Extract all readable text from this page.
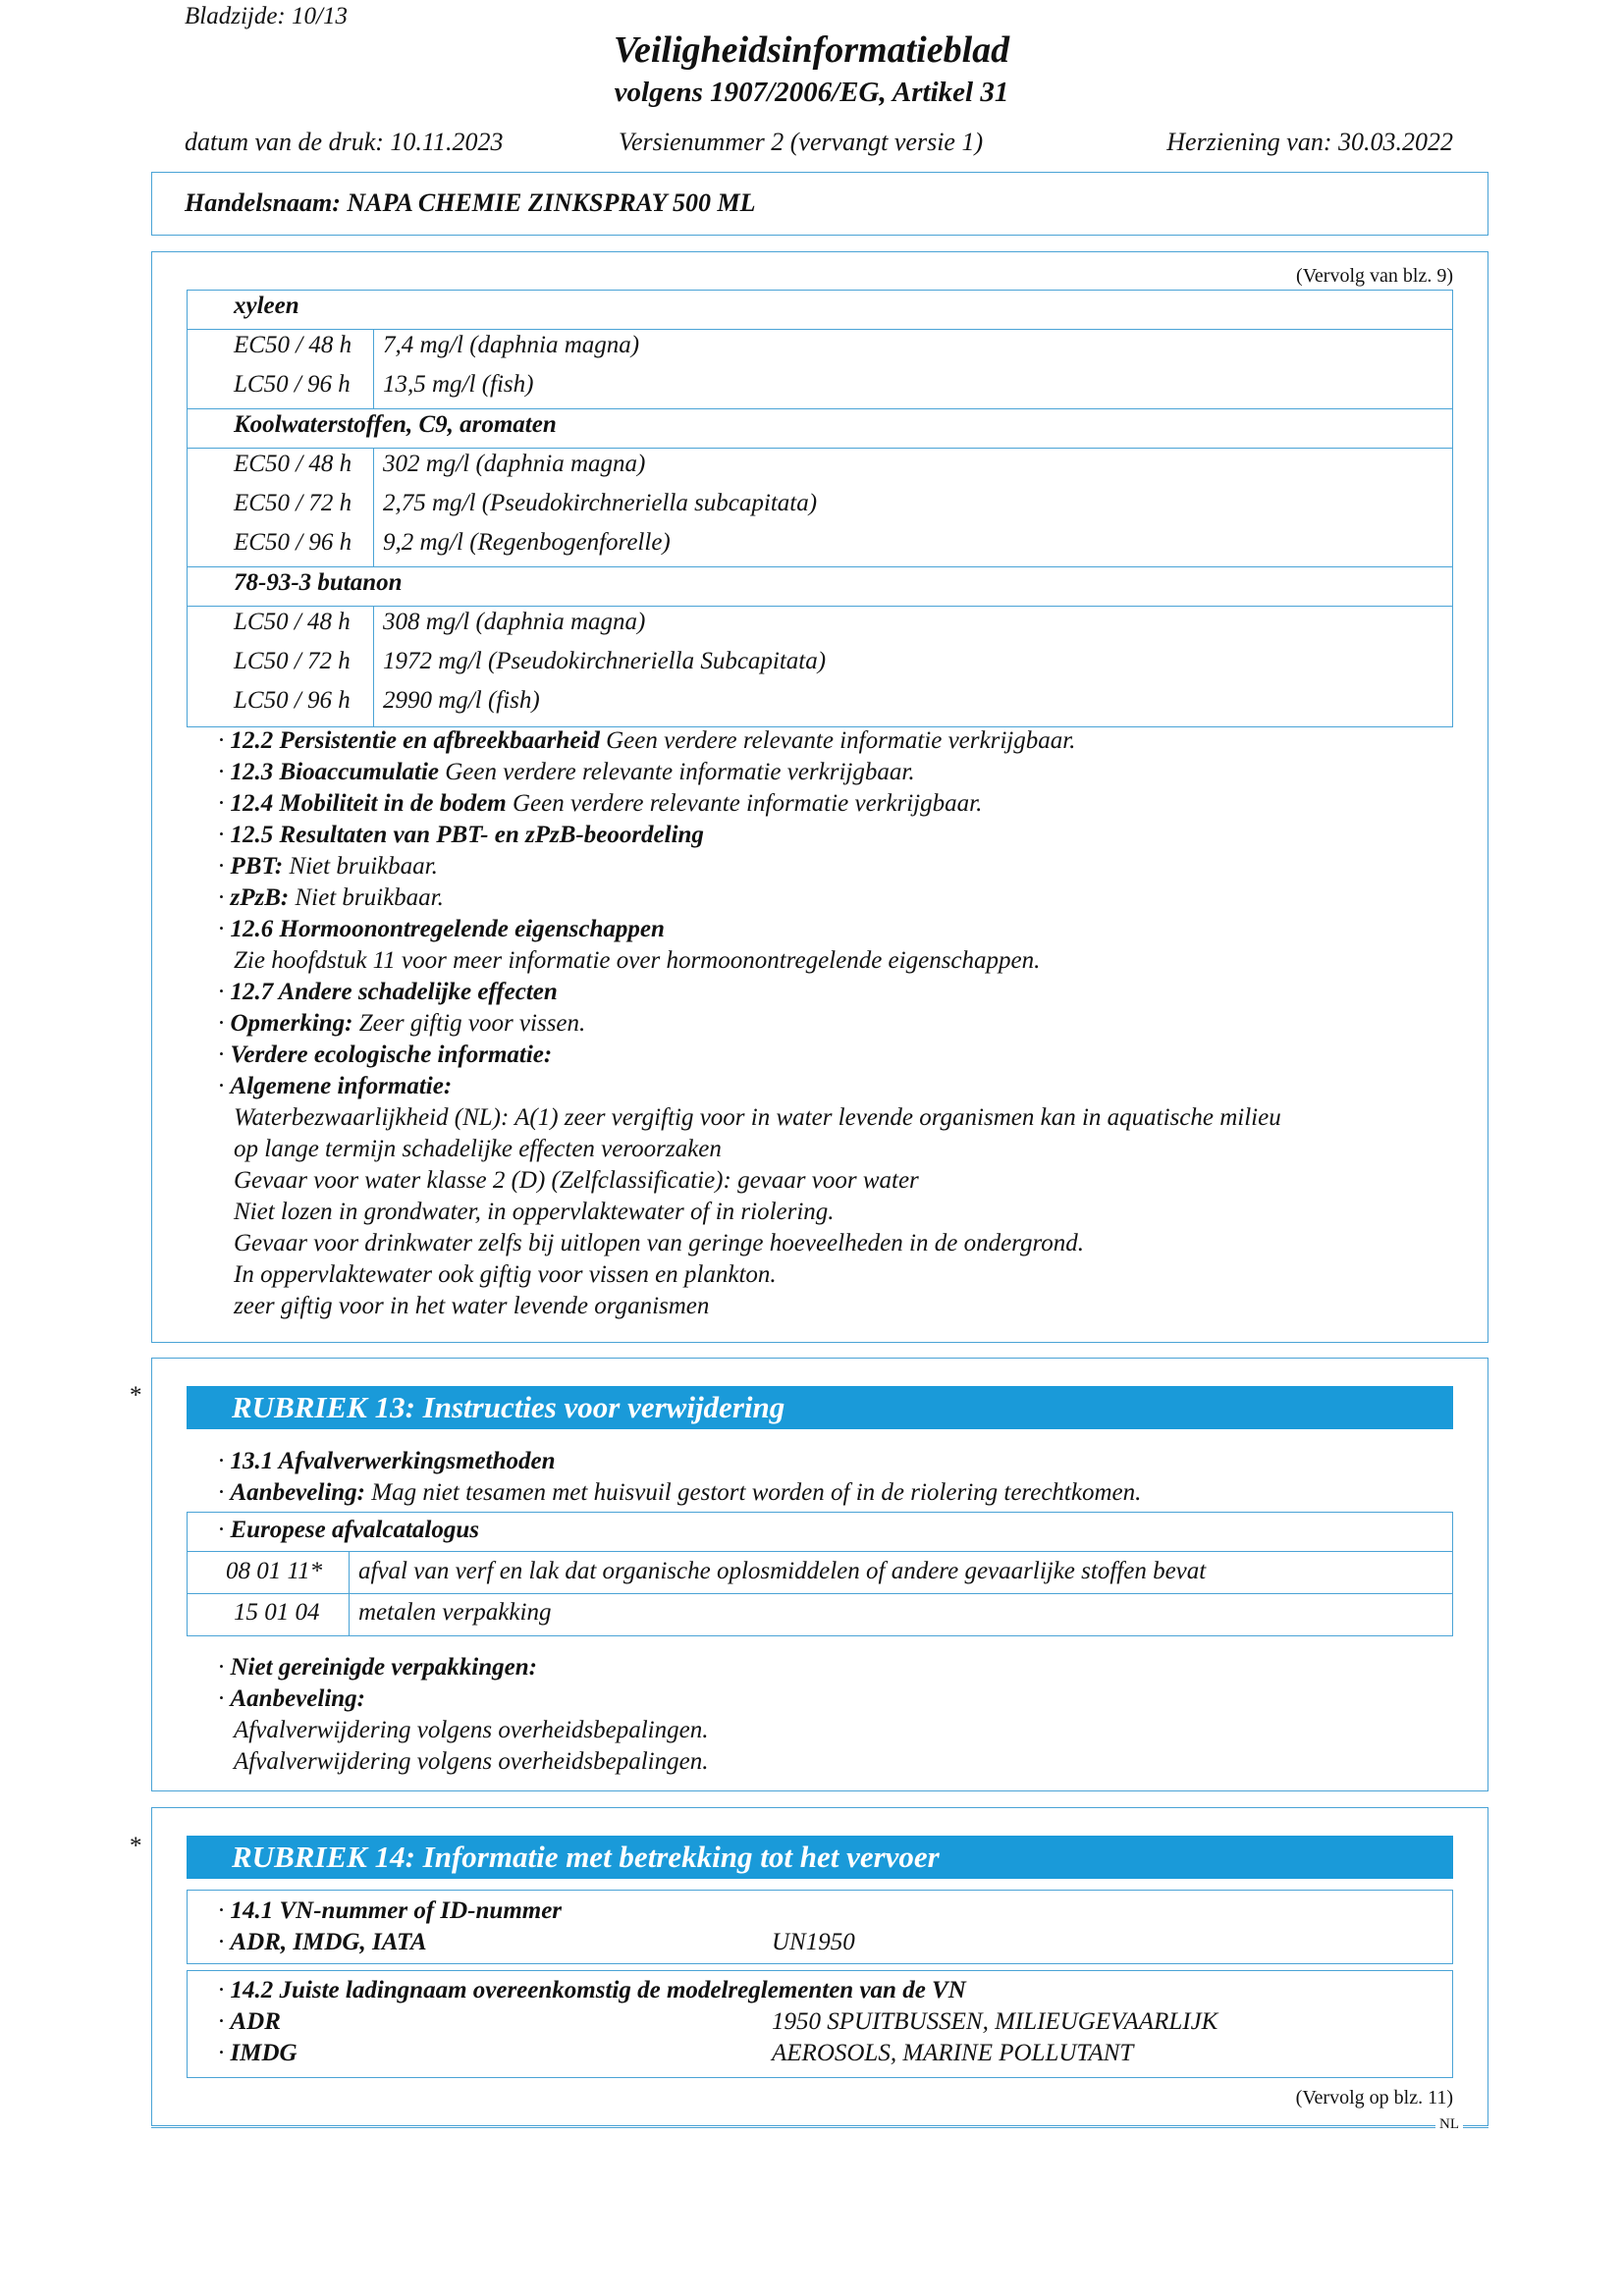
Bladzijde: 10/13
Veiligheidsinformatieblad
volgens 1907/2006/EG, Artikel 31
datum van de druk: 10.11.2023	Versienummer 2 (vervangt versie 1)	Herziening van: 30.03.2022
Handelsnaam: NAPA CHEMIE ZINKSPRAY 500 ML
(Vervolg van blz. 9)
xyleen
EC50 / 48 h 7,4 mg/l (daphnia magna)
LC50 / 96 h 13,5 mg/l (fish)
Koolwaterstoffen, C9, aromaten
EC50 / 48 h 302 mg/l (daphnia magna)
EC50 / 72 h 2,75 mg/l (Pseudokirchneriella subcapitata)
EC50 / 96 h 9,2 mg/l (Regenbogenforelle)
78-93-3 butanon
LC50 / 48 h 308 mg/l (daphnia magna)
LC50 / 72 h 1972 mg/l (Pseudokirchneriella Subcapitata)
LC50 / 96 h 2990 mg/l (fish)
· 12.2 Persistentie en afbreekbaarheid Geen verdere relevante informatie verkrijgbaar.
· 12.3 Bioaccumulatie Geen verdere relevante informatie verkrijgbaar.
· 12.4 Mobiliteit in de bodem Geen verdere relevante informatie verkrijgbaar.
· 12.5 Resultaten van PBT- en zPzB-beoordeling
· PBT: Niet bruikbaar.
· zPzB: Niet bruikbaar.
· 12.6 Hormoonontregelende eigenschappen
Zie hoofdstuk 11 voor meer informatie over hormoonontregelende eigenschappen.
· 12.7 Andere schadelijke effecten
· Opmerking: Zeer giftig voor vissen.
· Verdere ecologische informatie:
· Algemene informatie:
Waterbezwaarlijkheid (NL): A(1) zeer vergiftig voor in water levende organismen kan in aquatische milieu
op lange termijn schadelijke effecten veroorzaken
Gevaar voor water klasse 2 (D) (Zelfclassificatie): gevaar voor water
Niet lozen in grondwater, in oppervlaktewater of in riolering.
Gevaar voor drinkwater zelfs bij uitlopen van geringe hoeveelheden in de ondergrond.
In oppervlaktewater ook giftig voor vissen en plankton.
zeer giftig voor in het water levende organismen
*	RUBRIEK 13: Instructies voor verwijdering
· 13.1 Afvalverwerkingsmethoden
· Aanbeveling: Mag niet tesamen met huisvuil gestort worden of in de riolering terechtkomen.
· Europese afvalcatalogus
08 01 11* afval van verf en lak dat organische oplosmiddelen of andere gevaarlijke stoffen bevat
15 01 04 metalen verpakking
· Niet gereinigde verpakkingen:
· Aanbeveling:
Afvalverwijdering volgens overheidsbepalingen.
Afvalverwijdering volgens overheidsbepalingen.
*	RUBRIEK 14: Informatie met betrekking tot het vervoer
· 14.1 VN-nummer of ID-nummer
· ADR, IMDG, IATA	UN1950
· 14.2 Juiste ladingnaam overeenkomstig de modelreglementen van de VN
· ADR	1950 SPUITBUSSEN, MILIEUGEVAARLIJK
· IMDG	AEROSOLS, MARINE POLLUTANT
(Vervolg op blz. 11)
NL
